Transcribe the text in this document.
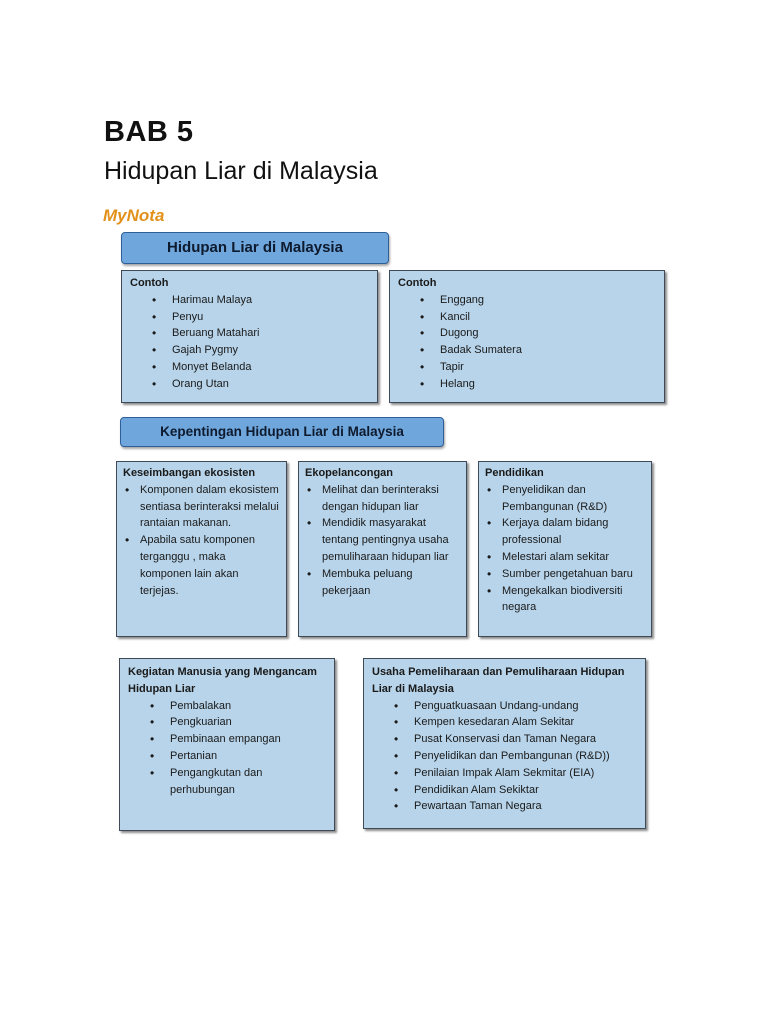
BAB 5
Hidupan Liar di Malaysia
MyNota
Hidupan Liar di Malaysia
Contoh
• Harimau Malaya
• Penyu
• Beruang Matahari
• Gajah Pygmy
• Monyet Belanda
• Orang Utan
Contoh
• Enggang
• Kancil
• Dugong
• Badak Sumatera
• Tapir
• Helang
Kepentingan Hidupan Liar di Malaysia
Keseimbangan ekosisten
• Komponen dalam ekosistem sentiasa berinteraksi melalui rantaian makanan.
• Apabila satu komponen terganggu , maka komponen lain akan terjejas.
Ekopelancongan
• Melihat dan berinteraksi dengan hidupan liar
• Mendidik masyarakat tentang pentingnya usaha pemuliharaan hidupan liar
• Membuka peluang pekerjaan
Pendidikan
• Penyelidikan dan Pembangunan (R&D)
• Kerjaya dalam bidang professional
• Melestari alam sekitar
• Sumber pengetahuan baru
• Mengekalkan biodiversiti negara
Kegiatan Manusia yang Mengancam Hidupan Liar
• Pembalakan
• Pengkuarian
• Pembinaan empangan
• Pertanian
• Pengangkutan dan perhubungan
Usaha Pemeliharaan dan Pemuliharaan Hidupan Liar di Malaysia
• Penguatkuasaan Undang-undang
• Kempen kesedaran Alam Sekitar
• Pusat Konservasi dan Taman Negara
• Penyelidikan dan Pembangunan (R&D))
• Penilaian Impak Alam Sekmitar (EIA)
• Pendidikan Alam Sekiktar
• Pewartaan Taman Negara
